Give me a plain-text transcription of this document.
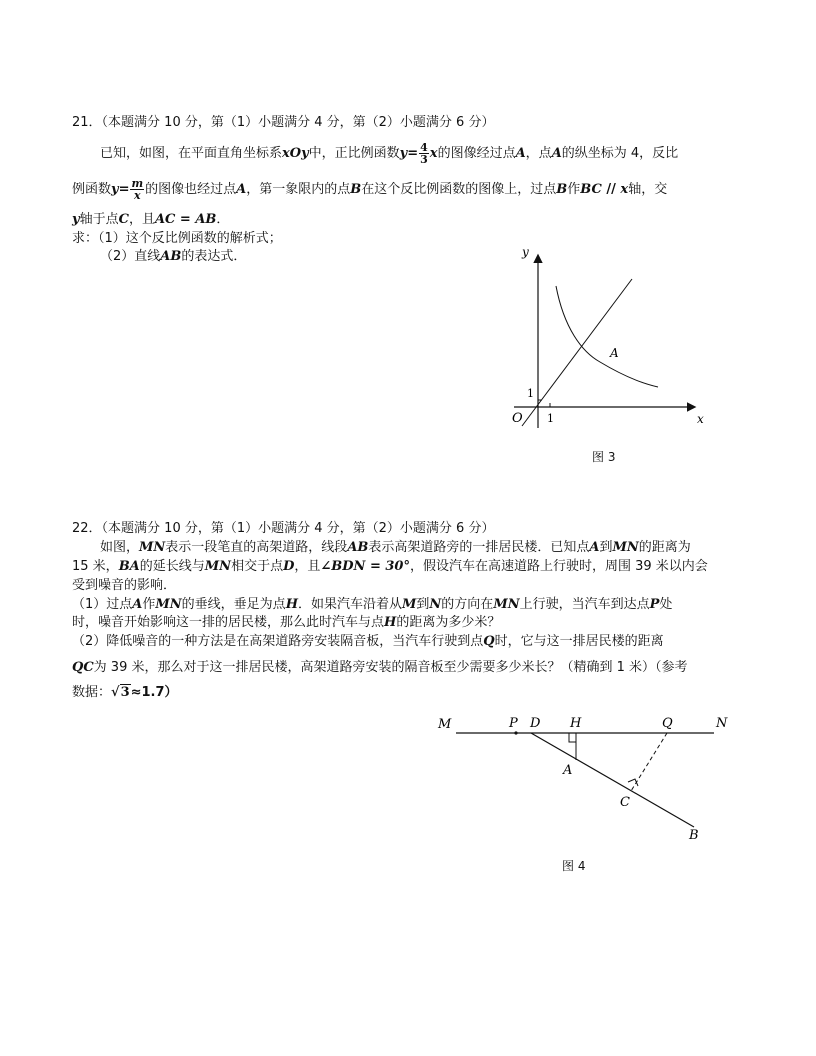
21．（本题满分 10 分，第（1）小题满分 4 分，第（2）小题满分 6 分）
已知，如图，在平面直角坐标系xOy中，正比例函数$y= \frac{4}{3}$ x的图像经过点A，点A的纵坐标为 4，反比
例函数$y= \frac{m}{x}$ 的图像也经过点A，第一象限内的点B在这个反比例函数的图像上，过点B作BC // x轴，交
y轴于点C，且AC = AB．
求：（1）这个反比例函数的解析式；
（2）直线AB的表达式．	y
x
O 1
1
A
图 3
22．（本题满分 10 分，第（1）小题满分 4 分，第（2）小题满分 6 分）
如图，MN表示一段笔直的高架道路，线段AB表示高架道路旁的一排居民楼．已知点A到MN的距离为
15 米，BA的延长线与MN相交于点D，且∠BDN = 30°，假设汽车在高速道路上行驶时，周围 39 米以内会
受到噪音的影响．
（1）过点A作MN的垂线，垂足为点H．如果汽车沿着从M到N的方向在MN上行驶，当汽车到达点P处
时，噪音开始影响这一排的居民楼，那么此时汽车与点H的距离为多少米？
（2）降低噪音的一种方法是在高架道路旁安装隔音板，当汽车行驶到点Q时，它与这一排居民楼的距离
QC为 39 米，那么对于这一排居民楼，高架道路旁安装的隔音板至少需要多少米长？（精确到 1 米）（参考
数据：√3≈1.7）
M	P D H	Q	N
A
C
B
图 4
